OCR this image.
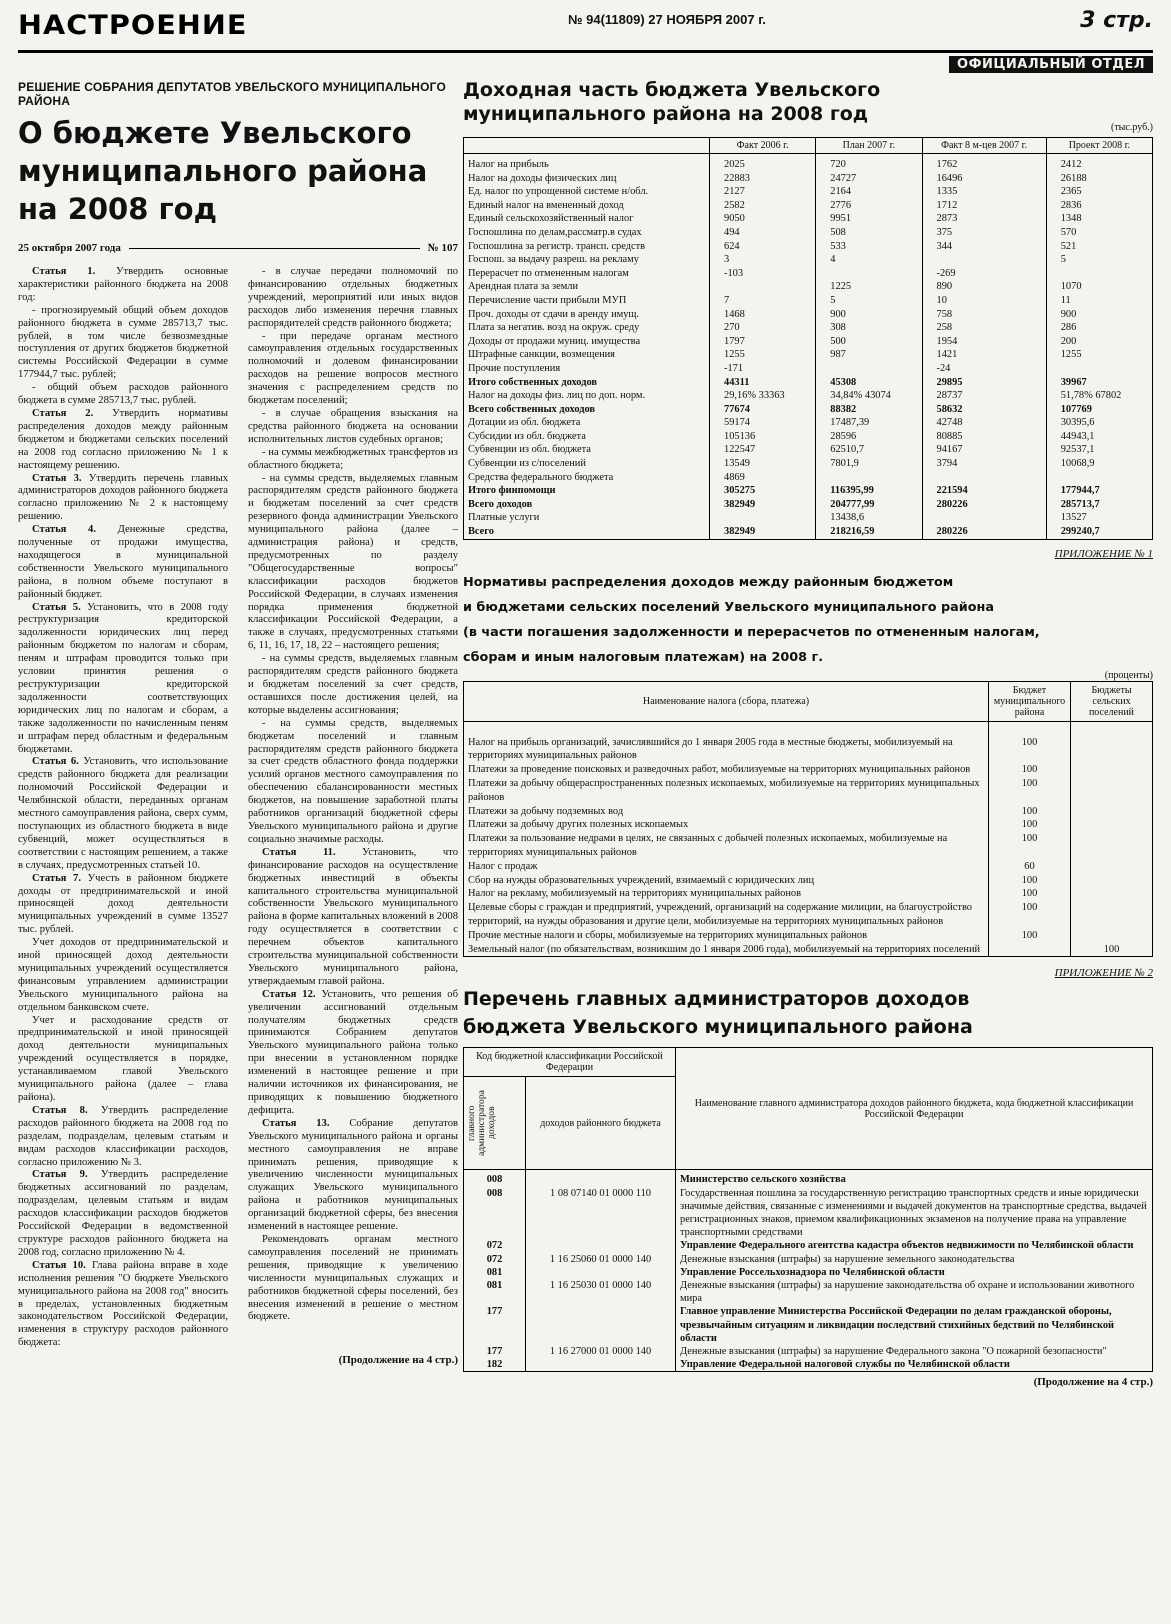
НАСТРОЕНИЕ	№ 94(11809) 27 НОЯБРЯ 2007 г.	3 стр.
ОФИЦИАЛЬНЫЙ ОТДЕЛ
РЕШЕНИЕ СОБРАНИЯ ДЕПУТАТОВ УВЕЛЬСКОГО МУНИЦИПАЛЬНОГО РАЙОНА
О бюджете Увельского
муниципального района
на 2008 год
25 октября 2007 года	№ 107

Статья 1. Утвердить основные характеристики районного бюджета на 2008 год:

- прогнозируемый общий объем доходов районного бюджета в сумме 285713,7 тыс. рублей, в том числе безвозмездные поступления от других бюджетов бюджетной системы Российской Федерации в сумме 177944,7 тыс. рублей;

- общий объем расходов районного бюджета в сумме 285713,7 тыс. рублей.

Статья 2. Утвердить нормативы распределения доходов между районным бюджетом и бюджетами сельских поселений на 2008 год согласно приложению № 1 к настоящему решению.

Статья 3. Утвердить перечень главных администраторов доходов районного бюджета согласно приложению № 2 к настоящему решению.

Статья 4. Денежные средства, полученные от продажи имущества, находящегося в муниципальной собственности Увельского муниципального района, в полном объеме поступают в районный бюджет.

Статья 5. Установить, что в 2008 году реструктуризация кредиторской задолженности юридических лиц перед районным бюджетом по налогам и сборам, пеням и штрафам проводится только при условии принятия решения о реструктуризации кредиторской задолженности соответствующих юридических лиц по налогам и сборам, а также задолженности по начисленным пеням и штрафам перед областным и федеральным бюджетами.

Статья 6. Установить, что использование средств районного бюджета для реализации полномочий Российской Федерации и Челябинской области, переданных органам местного самоуправления района, сверх сумм, поступающих из областного бюджета в виде субвенций, может осуществляться в соответствии с настоящим решением, а также в случаях, предусмотренных статьей 10.

Статья 7. Учесть в районном бюджете доходы от предпринимательской и иной приносящей доход деятельности муниципальных учреждений в сумме 13527 тыс. рублей.

Учет доходов от предпринимательской и иной приносящей доход деятельности муниципальных учреждений осуществляется финансовым управлением администрации Увельского муниципального района на отдельном банковском счете.

Учет и расходование средств от предпринимательской и иной приносящей доход деятельности муниципальных учреждений осуществляется в порядке, устанавливаемом главой Увельского муниципального района (далее – глава района).

Статья 8. Утвердить распределение расходов районного бюджета на 2008 год по разделам, подразделам, целевым статьям и видам расходов классификации расходов, согласно приложению № 3.

Статья 9. Утвердить распределение бюджетных ассигнований по разделам, подразделам, целевым статьям и видам расходов классификации расходов бюджетов Российской Федерации в ведомственной структуре расходов районного бюджета на 2008 год, согласно приложению № 4.

Статья 10. Глава района вправе в ходе исполнения решения "О бюджете Увельского муниципального района на 2008 год" вносить в пределах, установленных бюджетным законодательством Российской Федерации, изменения в структуру расходов районного бюджета:

- в случае передачи полномочий по финансированию отдельных бюджетных учреждений, мероприятий или иных видов расходов либо изменения перечня главных распорядителей средств районного бюджета;

- при передаче органам местного самоуправления отдельных государственных полномочий и долевом финансировании расходов на решение вопросов местного значения с распределением средств по бюджетам поселений;

- в случае обращения взыскания на средства районного бюджета на основании исполнительных листов судебных органов;

- на суммы межбюджетных трансфертов из областного бюджета;

- на суммы средств, выделяемых главным распорядителям средств районного бюджета и бюджетам поселений за счет средств резервного фонда администрации Увельского муниципального района (далее – администрация района) и средств, предусмотренных по разделу "Общегосударственные вопросы" классификации расходов бюджетов Российской Федерации, в случаях изменения порядка применения бюджетной классификации Российской Федерации, а также в случаях, предусмотренных статьями 6, 11, 16, 17, 18, 22 – настоящего решения;

- на суммы средств, выделяемых главным распорядителям средств районного бюджета и бюджетам поселений за счет средств, оставшихся после достижения целей, на которые выделены ассигнования;

- на суммы средств, выделяемых бюджетам поселений и главным распорядителям средств районного бюджета за счет средств областного фонда поддержки усилий органов местного самоуправления по обеспечению сбалансированности местных бюджетов, на повышение заработной платы работников организаций бюджетной сферы Увельского муниципального района и другие социально значимые расходы.

Статья 11. Установить, что финансирование расходов на осуществление бюджетных инвестиций в объекты капитального строительства муниципальной собственности Увельского муниципального района в форме капитальных вложений в 2008 году осуществляется в соответствии с перечнем объектов капитального строительства муниципальной собственности Увельского муниципального района, утверждаемым главой района.

Статья 12. Установить, что решения об увеличении ассигнований отдельным получателям бюджетных средств принимаются Собранием депутатов Увельского муниципального района только при внесении в установленном порядке изменений в настоящее решение и при наличии источников их финансирования, не приводящих к повышению бюджетного дефицита.

Статья 13. Собрание депутатов Увельского муниципального района и органы местного самоуправления не вправе принимать решения, приводящие к увеличению численности муниципальных служащих Увельского муниципального района и работников муниципальных организаций бюджетной сферы, без внесения изменений в настоящее решение.

Рекомендовать органам местного самоуправления поселений не принимать решения, приводящие к увеличению численности муниципальных служащих и работников бюджетной сферы поселений, без внесения изменений в решение о местном бюджете.

(Продолжение на 4 стр.)
Доходная часть бюджета Увельского
муниципального района на 2008 год
(тыс.руб.)
	Факт 2006 г.	План 2007 г.	Факт 8 м-цев 2007 г.	Проект 2008 г.
Налог на прибыль	2025	720	1762	2412
Налог на доходы физических лиц	22883	24727	16496	26188
Ед. налог по упрощенной системе н/обл.	2127	2164	1335	2365
Единый налог на вмененный доход	2582	2776	1712	2836
Единый сельскохозяйственный налог	9050	9951	2873	1348
Госпошлина по делам,рассматр.в судах	494	508	375	570
Госпошлина за регистр. трансп. средств	624	533	344	521
Госпош. за выдачу разреш. на рекламу	3	4		5
Перерасчет по отмененным налогам	-103		-269	
Арендная плата за земли		1225	890	1070
Перечисление части прибыли МУП	7	5	10	11
Проч. доходы от сдачи в аренду имущ.	1468	900	758	900
Плата за негатив. возд на окруж. среду	270	308	258	286
Доходы от продажи муниц. имущества	1797	500	1954	200
Штрафные санкции, возмещения	1255	987	1421	1255
Прочие поступления	-171		-24	
Итого собственных доходов	44311	45308	29895	39967
Налог на доходы физ. лиц по доп. норм.	29,16% 33363	34,84% 43074	28737	51,78% 67802
Всего собственных доходов	77674	88382	58632	107769
Дотации из обл. бюджета	59174	17487,39	42748	30395,6
Субсидии из обл. бюджета	105136	28596	80885	44943,1
Субвенции из обл. бюджета	122547	62510,7	94167	92537,1
Субвенции из с/поселений	13549	7801,9	3794	10068,9
Средства федерального бюджета	4869			
Итого финпомощи	305275	116395,99	221594	177944,7
Всего доходов	382949	204777,99	280226	285713,7
Платные услуги		13438,6		13527
Всего	382949	218216,59	280226	299240,7
ПРИЛОЖЕНИЕ № 1
Нормативы распределения доходов между районным бюджетом
и бюджетами сельских поселений Увельского муниципального района
(в части погашения задолженности и перерасчетов по отмененным налогам,
сборам и иным налоговым платежам) на 2008 г.
(проценты)
Наименование налога (сбора, платежа)	Бюджет муниципального района	Бюджеты сельских поселений
Налог на прибыль организаций, зачислявшийся до 1 января 2005 года в местные бюджеты, мобилизуемый на территориях муниципальных районов	100	
Платежи за проведение поисковых и разведочных работ, мобилизуемые на территориях муниципальных районов	100	
Платежи за добычу общераспространенных полезных ископаемых, мобилизуемые на территориях муниципальных районов	100	
Платежи за добычу подземных вод	100	
Платежи за добычу других полезных ископаемых	100	
Платежи за пользование недрами в целях, не связанных с добычей полезных ископаемых, мобилизуемые на территориях муниципальных районов	100	
Налог с продаж	60	
Сбор на нужды образовательных учреждений, взимаемый с юридических лиц	100	
Налог на рекламу, мобилизуемый на территориях муниципальных районов	100	
Целевые сборы с граждан и предприятий, учреждений, организаций на содержание милиции, на благоустройство территорий, на нужды образования и другие цели, мобилизуемые на территориях муниципальных районов	100	
Прочие местные налоги и сборы, мобилизуемые на территориях муниципальных районов	100	
Земельный налог (по обязательствам, возникшим до 1 января 2006 года), мобилизуемый на территориях поселений		100
ПРИЛОЖЕНИЕ № 2
Перечень главных администраторов доходов
бюджета Увельского муниципального района
Код бюджетной классификации Российской Федерации		Наименование главного администратора доходов районного бюджета, кода бюджетной классификации Российской Федерации

главного администратора доходов	доходов районного бюджета	
008		Министерство сельского хозяйства
008	1 08 07140 01 0000 110	Государственная пошлина за государственную регистрацию транспортных средств и иные юридически значимые действия, связанные с изменениями и выдачей документов на транспортные средства, выдачей регистрационных знаков, приемом квалификационных экзаменов на получение права на управление транспортными средствами
072		Управление Федерального агентства кадастра объектов недвижимости по Челябинской области
072	1 16 25060 01 0000 140	Денежные взыскания (штрафы) за нарушение земельного законодательства
081		Управление Россельхознадзора по Челябинской области
081	1 16 25030 01 0000 140	Денежные взыскания (штрафы) за нарушение законодательства об охране и использовании животного мира
177		Главное управление Министерства Российской Федерации по делам гражданской обороны, чрезвычайным ситуациям и ликвидации последствий стихийных бедствий по Челябинской области
177	1 16 27000 01 0000 140	Денежные взыскания (штрафы) за нарушение Федерального закона "О пожарной безопасности"
182		Управление Федеральной налоговой службы по Челябинской области
(Продолжение на 4 стр.)
